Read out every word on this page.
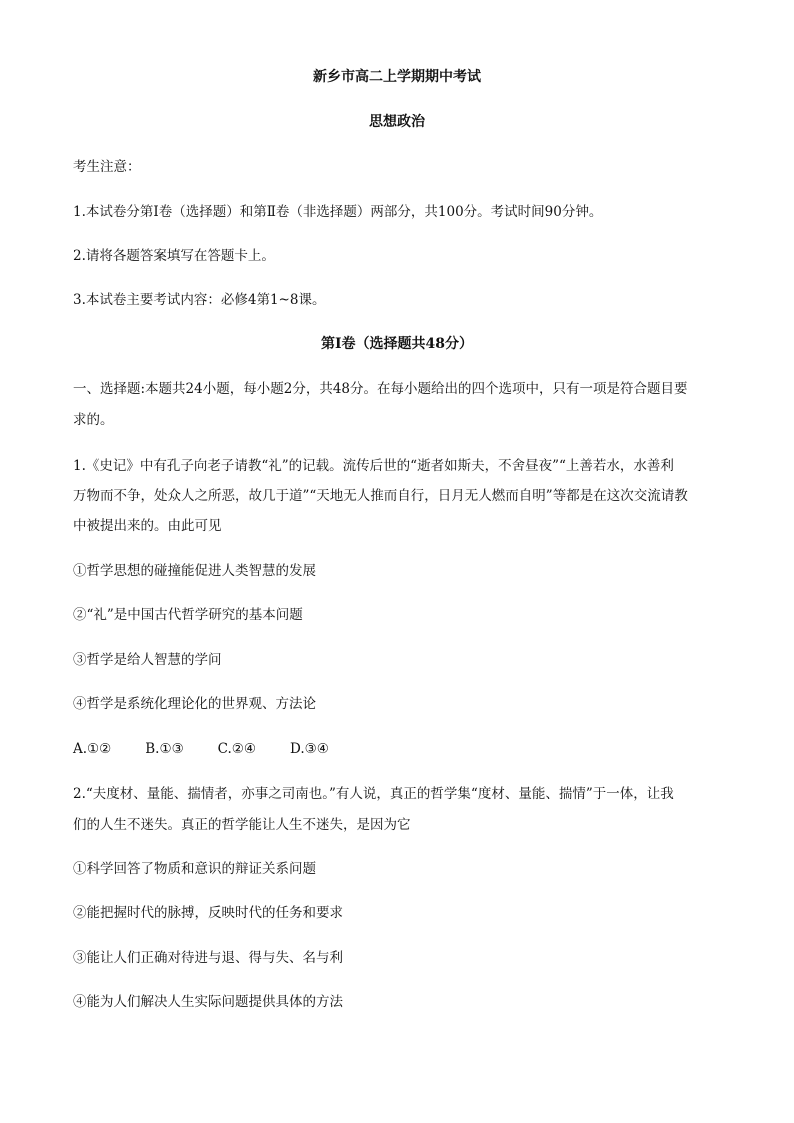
新乡市高二上学期期中考试
思想政治
考生注意：
1.本试卷分第Ⅰ卷（选择题）和第Ⅱ卷（非选择题）两部分，共100分。考试时间90分钟。
2.请将各题答案填写在答题卡上。
3.本试卷主要考试内容：必修4第1~8课。
第Ⅰ卷（选择题共48分）
一、选择题:本题共24小题，每小题2分，共48分。在每小题给出的四个选项中，只有一项是符合题目要
求的。
1.《史记》中有孔子向老子请教“礼”的记载。流传后世的“逝者如斯夫，不舍昼夜”“上善若水，水善利
万物而不争，处众人之所恶，故几于道”“天地无人推而自行，日月无人燃而自明”等都是在这次交流请教
中被提出来的。由此可见
①哲学思想的碰撞能促进人类智慧的发展
②“礼”是中国古代哲学研究的基本问题
③哲学是给人智慧的学问
④哲学是系统化理论化的世界观、方法论
A.①②	B.①③	C.②④	D.③④
2.“夫度材、量能、揣情者，亦事之司南也。”有人说，真正的哲学集“度材、量能、揣情”于一体，让我
们的人生不迷失。真正的哲学能让人生不迷失，是因为它
①科学回答了物质和意识的辩证关系问题
②能把握时代的脉搏，反映时代的任务和要求
③能让人们正确对待进与退、得与失、名与利
④能为人们解决人生实际问题提供具体的方法
